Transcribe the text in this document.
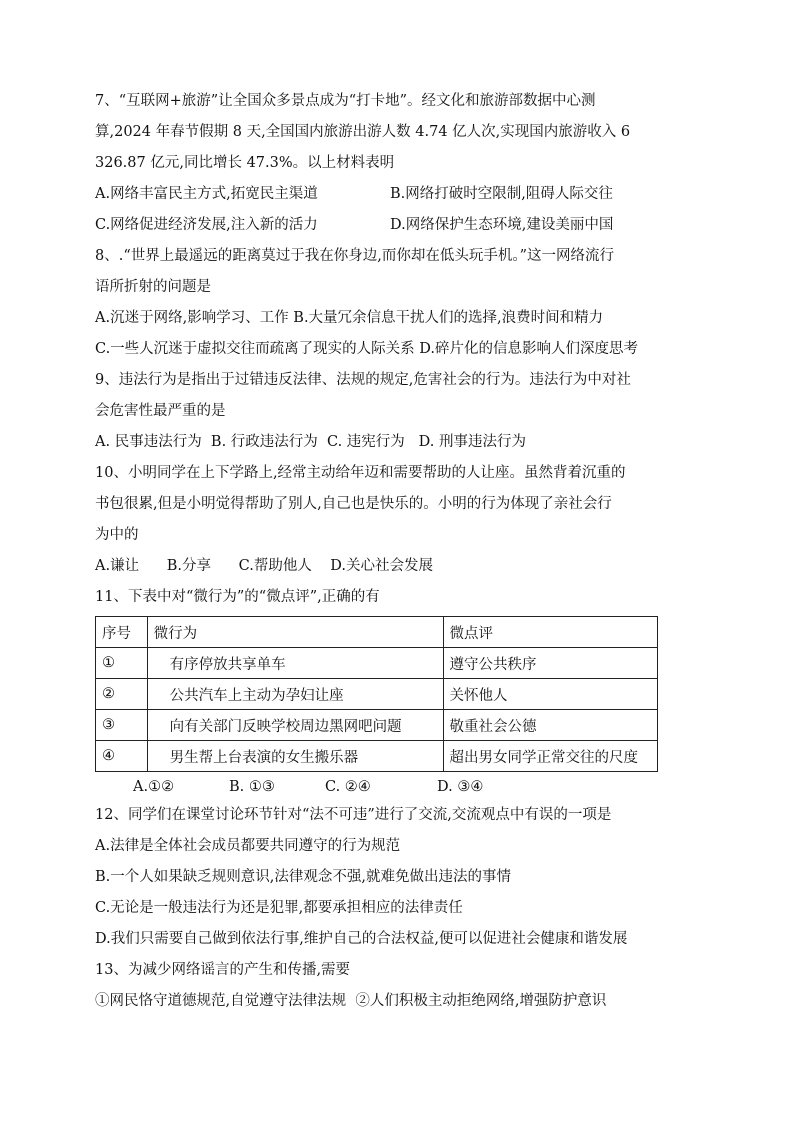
7、“互联网+旅游”让全国众多景点成为“打卡地”。经文化和旅游部数据中心测
算,2024 年春节假期 8 天,全国国内旅游出游人数 4.74 亿人次,实现国内旅游收入 6
326.87 亿元,同比增长 47.3%。以上材料表明
A.网络丰富民主方式,拓宽民主渠道	B.网络打破时空限制,阻碍人际交往
C.网络促进经济发展,注入新的活力	D.网络保护生态环境,建设美丽中国
8、.“世界上最遥远的距离莫过于我在你身边,而你却在低头玩手机。”这一网络流行
语所折射的问题是
A.沉迷于网络,影响学习、工作 B.大量冗余信息干扰人们的选择,浪费时间和精力
C.一些人沉迷于虚拟交往而疏离了现实的人际关系 D.碎片化的信息影响人们深度思考
9、违法行为是指出于过错违反法律、法规的规定,危害社会的行为。违法行为中对社
会危害性最严重的是
A. 民事违法行为  B. 行政违法行为  C. 违宪行为   D. 刑事违法行为
10、小明同学在上下学路上,经常主动给年迈和需要帮助的人让座。虽然背着沉重的
书包很累,但是小明觉得帮助了别人,自己也是快乐的。小明的行为体现了亲社会行
为中的
A.谦让      B.分享      C.帮助他人    D.关心社会发展
11、下表中对“微行为”的“微点评”,正确的有
序号	微行为	微点评
①	有序停放共享单车	遵守公共秩序
②	公共汽车上主动为孕妇让座	关怀他人
③	向有关部门反映学校周边黑网吧问题	敬重社会公德
④	男生帮上台表演的女生搬乐器	超出男女同学正常交往的尺度
A.①②	B. ①③	C. ②④	D. ③④
12、同学们在课堂讨论环节针对“法不可违”进行了交流,交流观点中有误的一项是
A.法律是全体社会成员都要共同遵守的行为规范
B.一个人如果缺乏规则意识,法律观念不强,就难免做出违法的事情
C.无论是一般违法行为还是犯罪,都要承担相应的法律责任
D.我们只需要自己做到依法行事,维护自己的合法权益,便可以促进社会健康和谐发展
13、为减少网络谣言的产生和传播,需要
①网民恪守道德规范,自觉遵守法律法规  ②人们积极主动拒绝网络,增强防护意识
